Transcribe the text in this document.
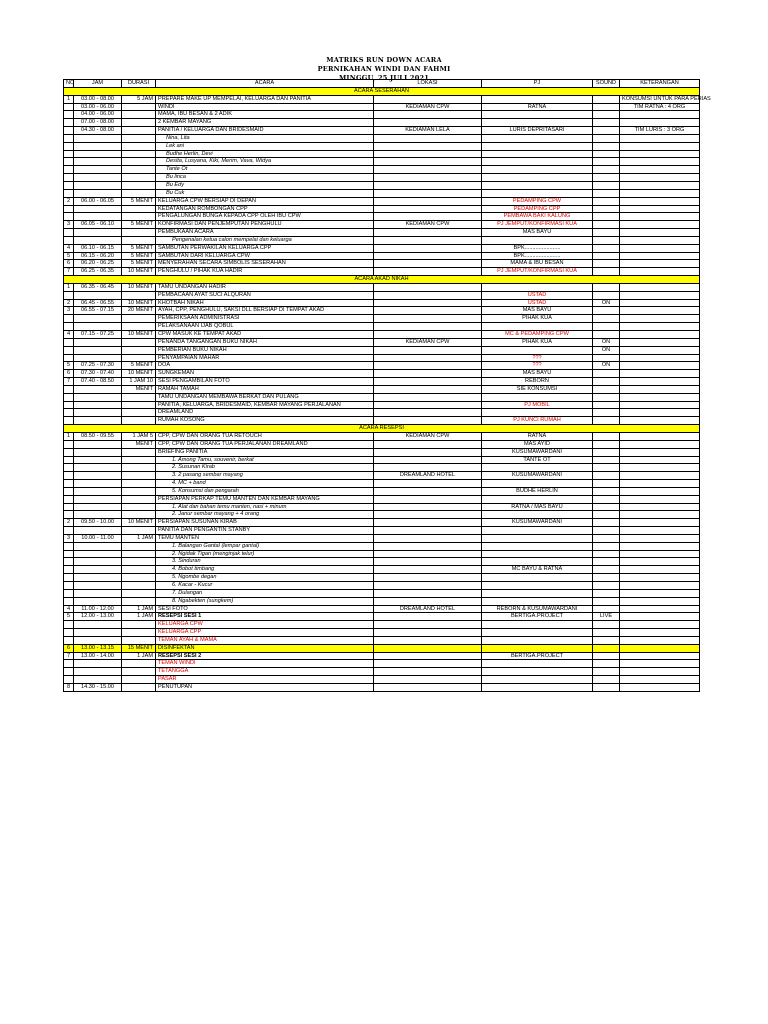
MATRIKS RUN DOWN ACARA
PERNIKAHAN WINDI DAN FAHMI
MINGGU, 25 JULI 2021
NO	JAM	DURASI	ACARA	LOKASI	PJ	SOUND	KETERANGAN
ACARA SESERAHAN							
1	03.00 - 08.00	5 JAM	PREPARE MAKE UP MEMPELAI, KELUARGA DAN PANITIA				KONSUMSI UNTUK PARA PERIAS
	03.00 - 06.00		WINDI	KEDIAMAN CPW	RATNA		TIM RATNA : 4 ORG
	04.00 - 06.00		MAMA, IBU BESAN & 2 ADIK				
	07.00 - 08.00		2 KEMBAR MAYANG				
	04.30 - 08.00		PANITIA / KELUARGA DAN BRIDESMAID	KEDIAMAN LELA	LURIS DEPRITASARI		TIM LURIS : 3 ORG
			Nina, Lita				
			Lek ani				
			Budhe Herlin, Devi				
			Desita, Lusyana, Kiki, Merim, Vava, Widya				
			Tante Ot				
			Bu linca				
			Bu Edy				
			Bu Cuk				
2	06.00 - 06.05	5 MENIT	KELUARGA CPW BERSIAP DI DEPAN		PEDAMPING CPW		
			KEDATANGAN ROMBONGAN CPP		PEDAMPING CPP		
			PENGALUNGAN BUNGA KEPADA CPP OLEH IBU CPW		PEMBAWA BAKI KALUNG		
3	06.05 - 06.10	5 MENIT	KONFIRMASI DAN PENJEMPUTAN PENGHULU	KEDIAMAN CPW	PJ JEMPUT/KONFIRMASI KUA		
			PEMBUKAAN ACARA		MAS BAYU		
			Pengenalan ketua calon mempelai dan keluarga				
4	06.10 - 06.15	5 MENIT	SAMBUTAN PERWAKILAN KELUARGA CPP		BPK.......................		
5	06.15 - 06.20	5 MENIT	SAMBUTAN DARI KELUARGA CPW		BPK.......................		
6	06.20 - 06.25	5 MENIT	MENYERAHAN SECARA SIMBOLIS SESERAHAN		MAMA & IBU BESAN		
7	06.25 - 06.35	10 MENIT	PENGHULU / PIHAK KUA HADIR		PJ JEMPUT/KONFIRMASI KUA		
ACARA AKAD NIKAH							
1	06.35 - 06.45	10 MENIT	TAMU UNDANGAN HADIR				
			PEMBACAAN AYAT SUCI ALQURAN		USTAD		
2	06.45 - 06.55	10 MENIT	KHOTBAH NIKAH		USTAD	ON	
3	06.55 - 07.15	20 MENIT	AYAH, CPP, PENGHULU, SAKSI DLL BERSIAP DI TEMPAT AKAD		MAS BAYU		
			PEMERIKSAAN ADMINISTRASI		PIHAK KUA		
			PELAKSANAAN IJAB QOBUL				
4	07.15 - 07.25	10 MENIT	CPW MASUK KE TEMPAT AKAD		MC & PEDAMPING CPW		
			PENANDA TANGANGAN BUKU NIKAH	KEDIAMAN CPW	PIHAK KUA	ON	
			PEMBERIAN BUKU NIKAH			ON	
			PENYAMPAIAN MAHAR		???		
5	07.25 - 07.30	5 MENIT	DOA		???	ON	
6	07.30 - 07.40	10 MENIT	SUNGKEMAN		MAS BAYU		
7	07.40 - 08.50	1 JAM 10	SESI PENGAMBILAN FOTO		REBORN		
		MENIT	RAMAH TAMAH		SIE KONSUMSI		
			TAMU UNDANGAN MEMBAWA BERKAT DAN PULANG				
			PANITIA, KELUARGA, BRIDESMAID, KEMBAR MAYANG PERJALANAN		PJ MOBIL		
			DREAMLAND				
			RUMAH KOSONG		PJ KUNCI RUMAH		
ACARA RESEPSI							
1	08.50 - 09.55	1 JAM 5	CPP, CPW DAN ORANG TUA RETOUCH	KEDIAMAN CPW	RATNA		
		MENIT	CPP, CPW DAN ORANG TUA PERJALANAN DREAMLAND		MAS AYID		
			BRIEFING PANITIA		KUSUMAWARDANI		
			1. Among Tamu, souvenir, berkat		TANTE OT		
			2. Susunan Kirab				
			3. 2 pasang sembar mayang	DREAMLAND HOTEL	KUSUMAWARDANI		
			4. MC + band				
			5. Konsumsi dan pengarah		BUDHE HERLIN		
			PERSIAPAN PERKAP TEMU MANTEN DAN KEMBAR MAYANG				
			1. Alat dan bahan temu manten, nasi + minum		RATNA / MAS BAYU		
			2. Janur sembar mayang + 4 orang				
2	09.50 - 10.00	10 MENIT	PERSIAPAN SUSUNAN KIRAB		KUSUMAWARDANI		
			PANITIA DAN PENGANTIN STANBY				
3	10.00 - 11.00	1 JAM	TEMU MANTEN				
			1. Balangan Gantal (lempar gantal)				
			2. Ngidak Tigan (menginjak telur)				
			3. Sinduran				
			4. Bobot timbang		MC BAYU & RATNA		
			5. Ngombe degan				
			6. Kacar - Kucur				
			7. Dulangan				
			8. Ngabekten (sungkem)				
4	11.00 - 12.00	1 JAM	SESI FOTO	DREAMLAND HOTEL	REBORN & KUSUMAWARDANI		
5	12.00 - 13.00	1 JAM	RESEPSI SESI 1		BERTIGA.PROJECT	LIVE	
			KELUARGA CPW				
			KELUARGA CPP				
			TEMAN AYAH & MAMA				
6	13.00 - 13.15	15 MENIT	DISINFEKTAN				
7	13.00 - 14.00	1 JAM	RESEPSI SESI 2		BERTIGA.PROJECT		
			TEMAN WINDI				
			TETANGGA				
			PASAR				
8	14.30 - 15.00		PENUTUPAN				
